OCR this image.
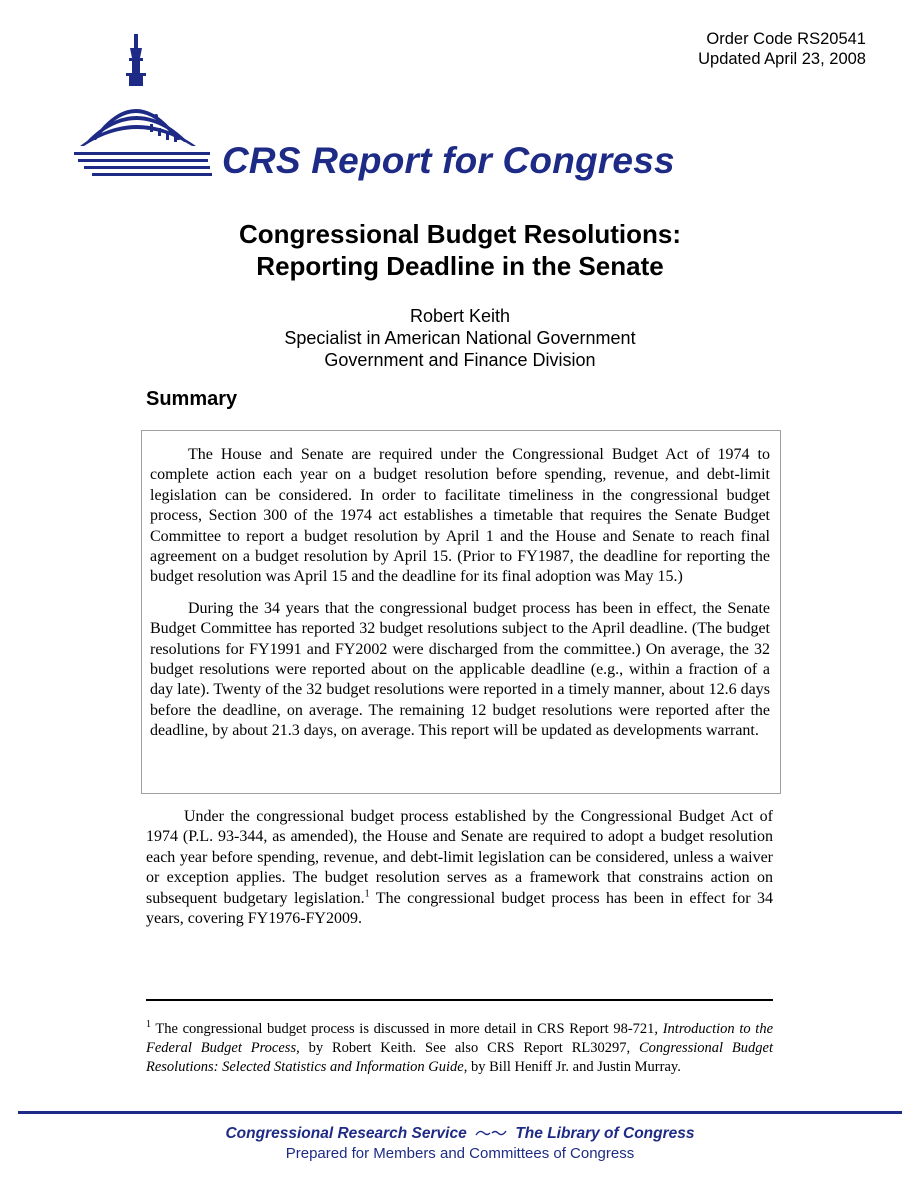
Order Code RS20541
Updated April 23, 2008
CRS Report for Congress
Congressional Budget Resolutions:
Reporting Deadline in the Senate
Robert Keith
Specialist in American National Government
Government and Finance Division
Summary

The House and Senate are required under the Congressional Budget Act of 1974 to complete action each year on a budget resolution before spending, revenue, and debt-limit legislation can be considered. In order to facilitate timeliness in the congressional budget process, Section 300 of the 1974 act establishes a timetable that requires the Senate Budget Committee to report a budget resolution by April 1 and the House and Senate to reach final agreement on a budget resolution by April 15. (Prior to FY1987, the deadline for reporting the budget resolution was April 15 and the deadline for its final adoption was May 15.)

During the 34 years that the congressional budget process has been in effect, the Senate Budget Committee has reported 32 budget resolutions subject to the April deadline. (The budget resolutions for FY1991 and FY2002 were discharged from the committee.) On average, the 32 budget resolutions were reported about on the applicable deadline (e.g., within a fraction of a day late). Twenty of the 32 budget resolutions were reported in a timely manner, about 12.6 days before the deadline, on average. The remaining 12 budget resolutions were reported after the deadline, by about 21.3 days, on average. This report will be updated as developments warrant.

Under the congressional budget process established by the Congressional Budget Act of 1974 (P.L. 93-344, as amended), the House and Senate are required to adopt a budget resolution each year before spending, revenue, and debt-limit legislation can be considered, unless a waiver or exception applies. The budget resolution serves as a framework that constrains action on subsequent budgetary legislation.$^1$ The congressional budget process has been in effect for 34 years, covering FY1976-FY2009.

$^1$ The congressional budget process is discussed in more detail in CRS Report 98-721, Introduction to the Federal Budget Process, by Robert Keith. See also CRS Report RL30297, Congressional Budget Resolutions: Selected Statistics and Information Guide, by Bill Heniff Jr. and Justin Murray.
Congressional Research Service	The Library of Congress
Prepared for Members and Committees of Congress
